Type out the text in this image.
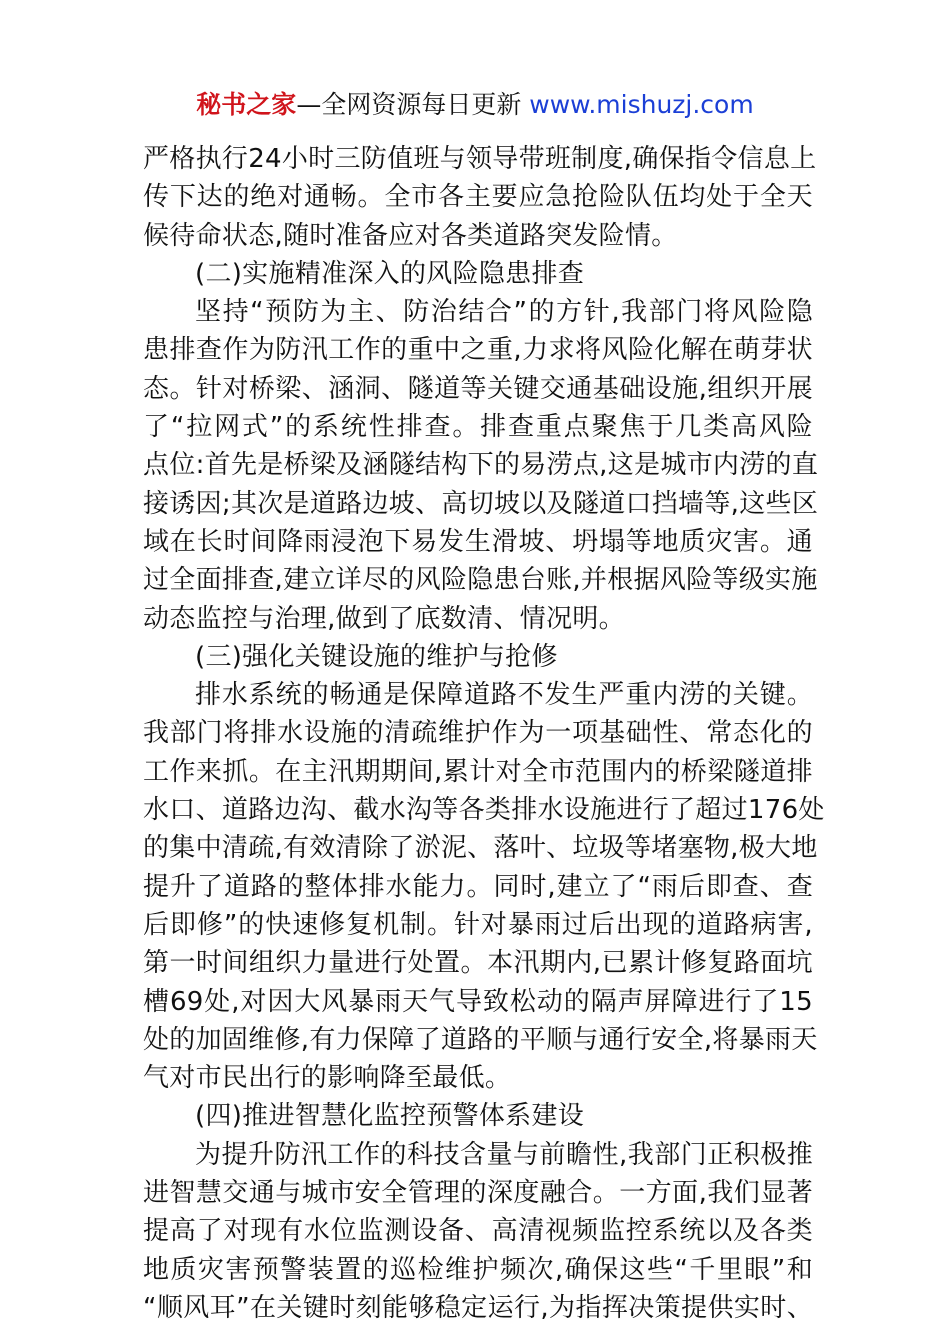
秘书之家—全网资源每日更新 www.mishuzj.com
严格执行24小时三防值班与领导带班制度,确保指令信息上
传下达的绝对通畅。全市各主要应急抢险队伍均处于全天
候待命状态,随时准备应对各类道路突发险情。
(二)实施精准深入的风险隐患排查
坚持“预防为主、防治结合”的方针,我部门将风险隐
患排查作为防汛工作的重中之重,力求将风险化解在萌芽状
态。针对桥梁、涵洞、隧道等关键交通基础设施,组织开展
了“拉网式”的系统性排查。排查重点聚焦于几类高风险
点位:首先是桥梁及涵隧结构下的易涝点,这是城市内涝的直
接诱因;其次是道路边坡、高切坡以及隧道口挡墙等,这些区
域在长时间降雨浸泡下易发生滑坡、坍塌等地质灾害。通
过全面排查,建立详尽的风险隐患台账,并根据风险等级实施
动态监控与治理,做到了底数清、情况明。
(三)强化关键设施的维护与抢修
排水系统的畅通是保障道路不发生严重内涝的关键。
我部门将排水设施的清疏维护作为一项基础性、常态化的
工作来抓。在主汛期期间,累计对全市范围内的桥梁隧道排
水口、道路边沟、截水沟等各类排水设施进行了超过176处
的集中清疏,有效清除了淤泥、落叶、垃圾等堵塞物,极大地
提升了道路的整体排水能力。同时,建立了“雨后即查、查
后即修”的快速修复机制。针对暴雨过后出现的道路病害,
第一时间组织力量进行处置。本汛期内,已累计修复路面坑
槽69处,对因大风暴雨天气导致松动的隔声屏障进行了15
处的加固维修,有力保障了道路的平顺与通行安全,将暴雨天
气对市民出行的影响降至最低。
(四)推进智慧化监控预警体系建设
为提升防汛工作的科技含量与前瞻性,我部门正积极推
进智慧交通与城市安全管理的深度融合。一方面,我们显著
提高了对现有水位监测设备、高清视频监控系统以及各类
地质灾害预警装置的巡检维护频次,确保这些“千里眼”和
“顺风耳”在关键时刻能够稳定运行,为指挥决策提供实时、
